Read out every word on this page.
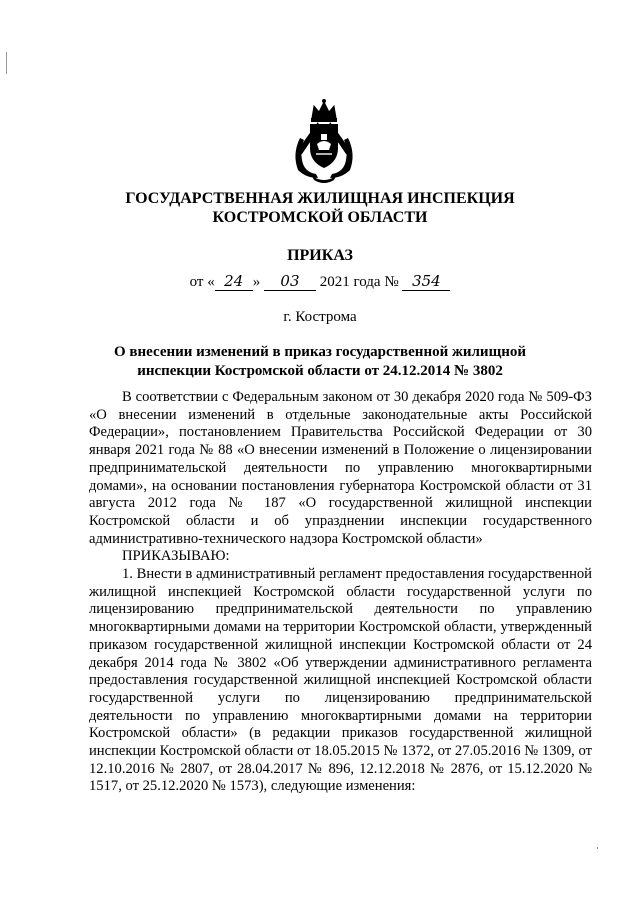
ГОСУДАРСТВЕННАЯ ЖИЛИЩНАЯ ИНСПЕКЦИЯ
КОСТРОМСКОЙ ОБЛАСТИ
ПРИКАЗ
от « 24 » 03 2021 года № 354
г. Кострома
О внесении изменений в приказ государственной жилищной
инспекции Костромской области от 24.12.2014 № 3802

В соответствии с Федеральным законом от 30 декабря 2020 года № 509-ФЗ «О внесении изменений в отдельные законодательные акты Российской Федерации», постановлением Правительства Российской Федерации от 30 января 2021 года № 88 «О внесении изменений в Положение о лицензировании предпринимательской деятельности по управлению многоквартирными домами», на основании постановления губернатора Костромской области от 31 августа 2012 года № 187 «О государственной жилищной инспекции Костромской области и об упразднении инспекции государственного административно-технического надзора Костромской области»

ПРИКАЗЫВАЮ:

1. Внести в административный регламент предоставления государственной жилищной инспекцией Костромской области государственной услуги по лицензированию предпринимательской деятельности по управлению многоквартирными домами на территории Костромской области, утвержденный приказом государственной жилищной инспекции Костромской области от 24 декабря 2014 года № 3802 «Об утверждении административного регламента предоставления государственной жилищной инспекцией Костромской области государственной услуги по лицензированию предпринимательской деятельности по управлению многоквартирными домами на территории Костромской области» (в редакции приказов государственной жилищной инспекции Костромской области от 18.05.2015 № 1372, от 27.05.2016 № 1309, от 12.10.2016 № 2807, от 28.04.2017 № 896, 12.12.2018 № 2876, от 15.12.2020 № 1517, от 25.12.2020 № 1573), следующие изменения:
